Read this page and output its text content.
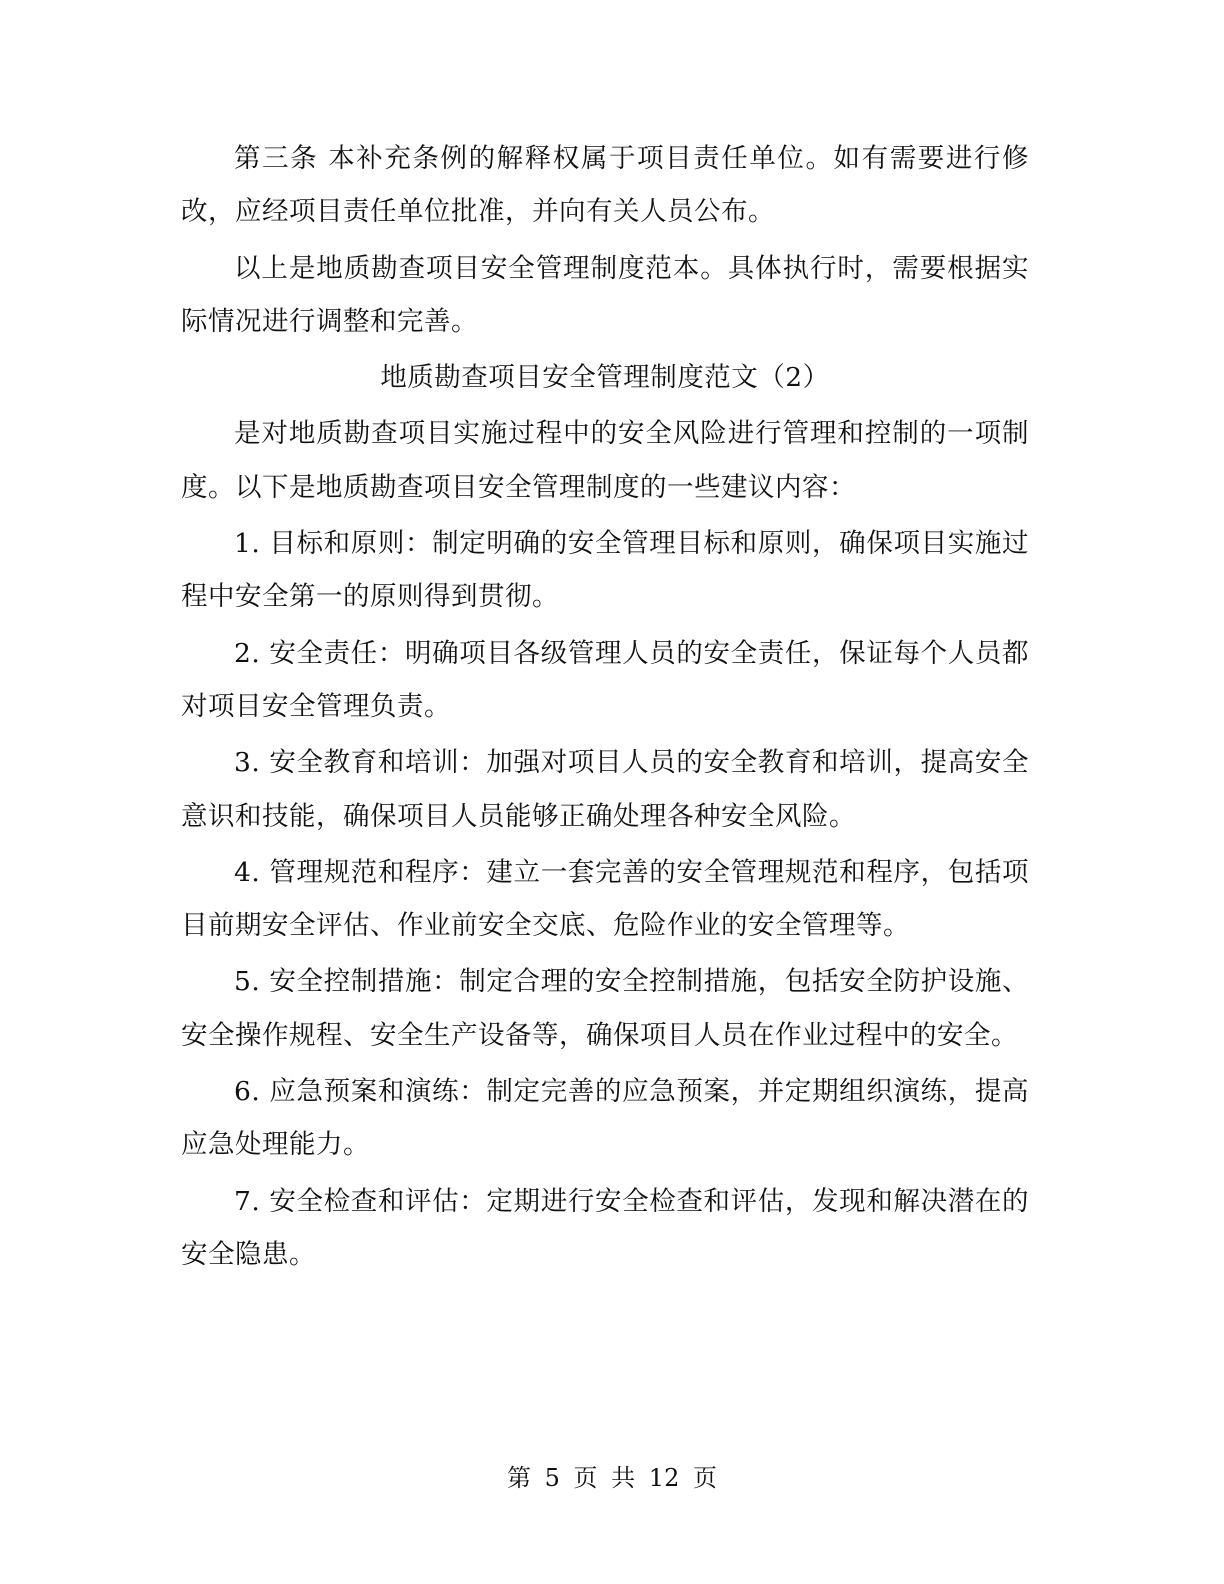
第三条 本补充条例的解释权属于项目责任单位。如有需要进行修改，应经项目责任单位批准，并向有关人员公布。

以上是地质勘查项目安全管理制度范本。具体执行时，需要根据实际情况进行调整和完善。

地质勘查项目安全管理制度范文（2）

是对地质勘查项目实施过程中的安全风险进行管理和控制的一项制度。以下是地质勘查项目安全管理制度的一些建议内容：

1. 目标和原则：制定明确的安全管理目标和原则，确保项目实施过程中安全第一的原则得到贯彻。

2. 安全责任：明确项目各级管理人员的安全责任，保证每个人员都对项目安全管理负责。

3. 安全教育和培训：加强对项目人员的安全教育和培训，提高安全意识和技能，确保项目人员能够正确处理各种安全风险。

4. 管理规范和程序：建立一套完善的安全管理规范和程序，包括项目前期安全评估、作业前安全交底、危险作业的安全管理等。

5. 安全控制措施：制定合理的安全控制措施，包括安全防护设施、安全操作规程、安全生产设备等，确保项目人员在作业过程中的安全。

6. 应急预案和演练：制定完善的应急预案，并定期组织演练，提高应急处理能力。

7. 安全检查和评估：定期进行安全检查和评估，发现和解决潜在的安全隐患。

第 5 页 共 12 页
